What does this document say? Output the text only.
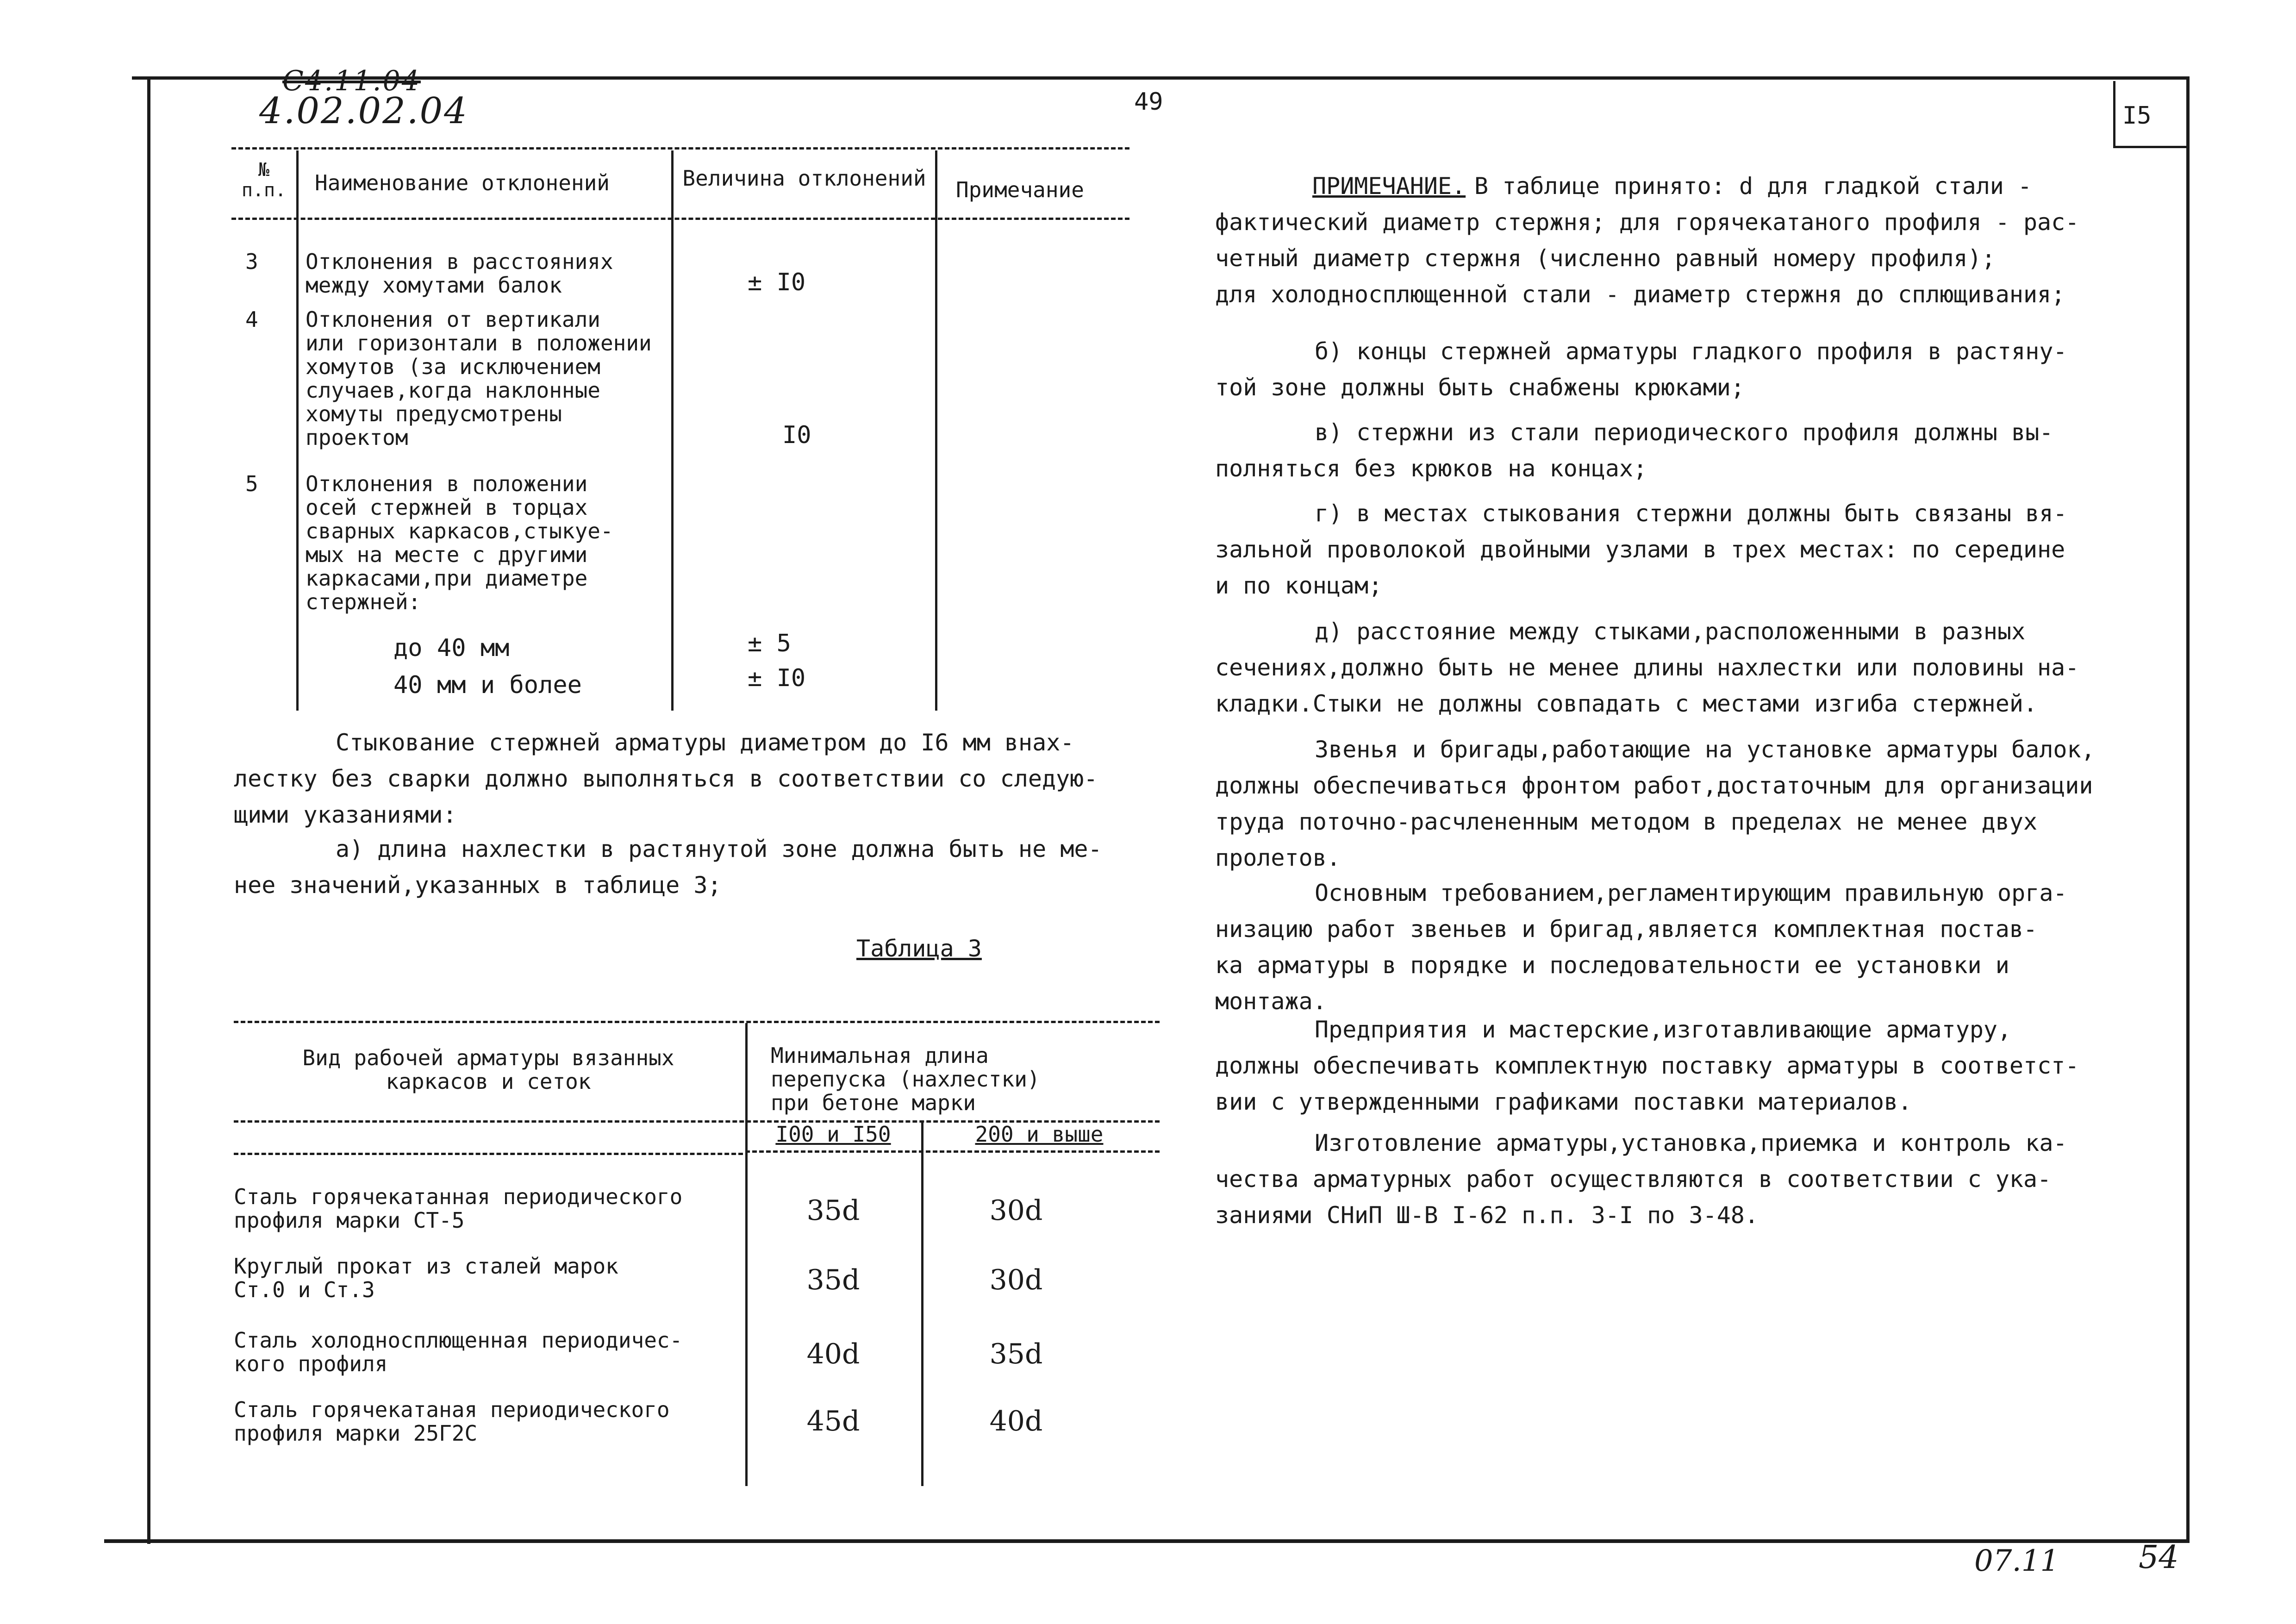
С4.11.04
4.02.02.04	49	I5
№ п.п.	Наименование отклонений	Величина отклонений	Примечание
3 Отклонения в расстояниях
между хомутами балок	± I0
4 Отклонения от вертикали
или горизонтали в положении
хомутов (за исключением
случаев,когда наклонные
хомуты предусмотрены
проектом	I0
5 Отклонения в положении
осей стержней в торцах
сварных каркасов,стыкуе-
мых на месте с другими
каркасами,при диаметре
стержней:
до 40 мм	± 5
40 мм и более	± I0
Стыкование стержней арматуры диаметром до I6 мм внах-
лестку без сварки должно выполняться в соответствии со следую-
щими указаниями:
а) длина нахлестки в растянутой зоне должна быть не ме-
нее значений,указанных в таблице 3;
Таблица 3
Вид рабочей арматуры вязанных
каркасов и сеток
Минимальная длина
перепуска (нахлестки)
при бетоне марки
I00 и I50	200 и выше
Сталь горячекатанная периодического
профиля марки СТ-5	35d	30d
Круглый прокат из сталей марок
Ст.0 и Ст.3	35d	30d
Сталь холодносплющенная периодичес-
кого профиля	40d	35d
Сталь горячекатаная периодического
профиля марки 25Г2С	45d	40d
ПРИМЕЧАНИЕ. В таблице принято: d для гладкой стали -
фактический диаметр стержня; для горячекатаного профиля - рас-
четный диаметр стержня (численно равный номеру профиля);
для холодносплющенной стали - диаметр стержня до сплющивания;
б) концы стержней арматуры гладкого профиля в растяну-
той зоне должны быть снабжены крюками;
в) стержни из стали периодического профиля должны вы-
полняться без крюков на концах;
г) в местах стыкования стержни должны быть связаны вя-
зальной проволокой двойными узлами в трех местах: по середине
и по концам;
д) расстояние между стыками,расположенными в разных
сечениях,должно быть не менее длины нахлестки или половины на-
кладки.Стыки не должны совпадать с местами изгиба стержней.
Звенья и бригады,работающие на установке арматуры балок,
должны обеспечиваться фронтом работ,достаточным для организации
труда поточно-расчлененным методом в пределах не менее двух
пролетов.
Основным требованием,регламентирующим правильную орга-
низацию работ звеньев и бригад,является комплектная постав-
ка арматуры в порядке и последовательности ее установки и
монтажа.
Предприятия и мастерские,изготавливающие арматуру,
должны обеспечивать комплектную поставку арматуры в соответст-
вии с утвержденными графиками поставки материалов.
Изготовление арматуры,установка,приемка и контроль ка-
чества арматурных работ осуществляются в соответствии с ука-
заниями СНиП Ш-В I-62 п.п. 3-I по 3-48.
07.11	54
